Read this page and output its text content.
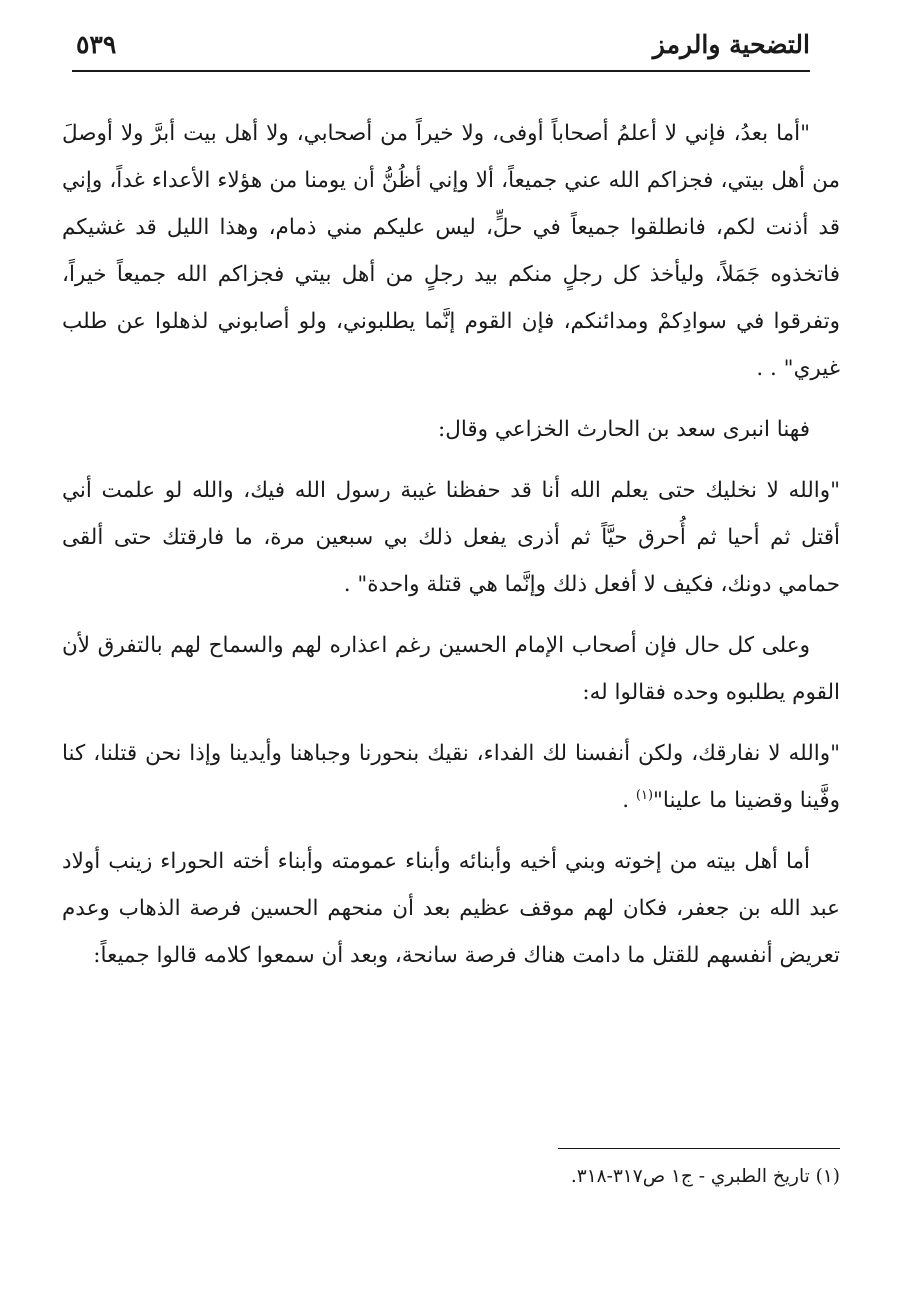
التضحية والرمز
٥٣٩

"أما بعدُ، فإني لا أعلمُ أصحاباً أوفى، ولا خيراً من أصحابي، ولا أهل بيت أبرَّ ولا أوصلَ من أهل بيتي، فجزاكم الله عني جميعاً، ألا وإني أظُنُّ أن يومنا من هؤلاء الأعداء غداً، وإني قد أذنت لكم، فانطلقوا جميعاً في حلٍّ، ليس عليكم مني ذمام، وهذا الليل قد غشيكم فاتخذوه جَمَلاً، وليأخذ كل رجلٍ منكم بيد رجلٍ من أهل بيتي فجزاكم الله جميعاً خيراً، وتفرقوا في سوادِكمْ ومدائنكم، فإن القوم إنَّما يطلبوني، ولو أصابوني لذهلوا عن طلب غيري" . .

فهنا انبرى سعد بن الحارث الخزاعي وقال:

"والله لا نخليك حتى يعلم الله أنا قد حفظنا غيبة رسول الله فيك، والله لو علمت أني أقتل ثم أحيا ثم أُحرق حيَّاً ثم أذرى يفعل ذلك بي سبعين مرة، ما فارقتك حتى ألقى حمامي دونك، فكيف لا أفعل ذلك وإنَّما هي قتلة واحدة" .

وعلى كل حال فإن أصحاب الإمام الحسين رغم اعذاره لهم والسماح لهم بالتفرق لأن القوم يطلبوه وحده فقالوا له:

"والله لا نفارقك، ولكن أنفسنا لك الفداء، نقيك بنحورنا وجباهنا وأيدينا وإذا نحن قتلنا، كنا وفَّينا وقضينا ما علينا"$^{(١)}$ .

أما أهل بيته من إخوته وبني أخيه وأبنائه وأبناء عمومته وأبناء أخته الحوراء زينب أولاد عبد الله بن جعفر، فكان لهم موقف عظيم بعد أن منحهم الحسين فرصة الذهاب وعدم تعريض أنفسهم للقتل ما دامت هناك فرصة سانحة، وبعد أن سمعوا كلامه قالوا جميعاً:

(١) تاريخ الطبري - ج١ ص٣١٧-٣١٨.
